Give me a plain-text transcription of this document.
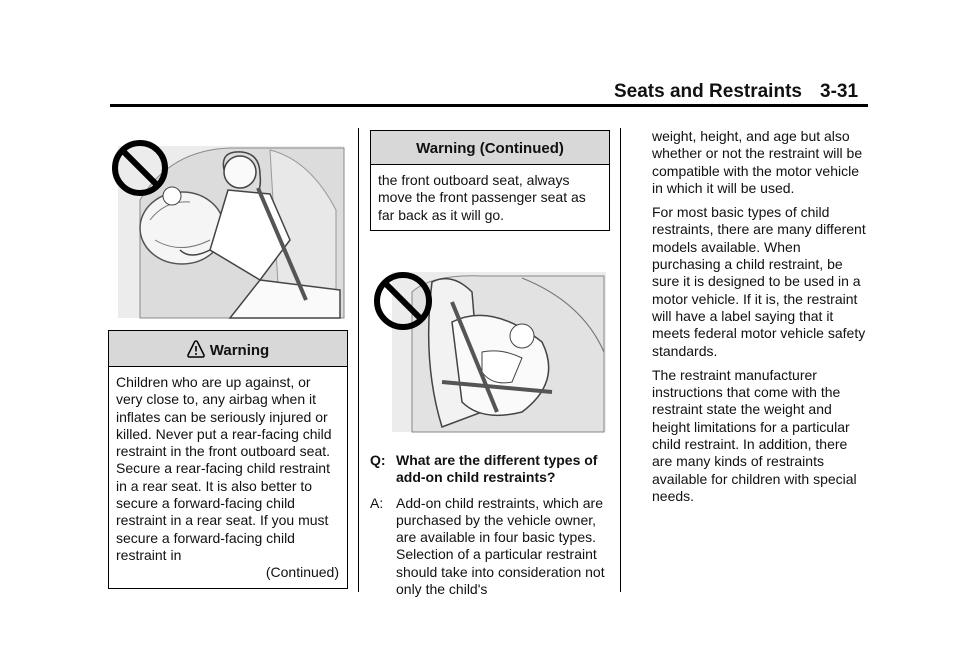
Seats and Restraints 3-31
Warning
Children who are up against, or very close to, any airbag when it inflates can be seriously injured or killed. Never put a rear-facing child restraint in the front outboard seat. Secure a rear-facing child restraint in a rear seat. It is also better to secure a forward-facing child restraint in a rear seat. If you must secure a forward-facing child restraint in
(Continued)
Warning (Continued)
the front outboard seat, always move the front passenger seat as far back as it will go.
Q: What are the different types of add-on child restraints?
A: Add-on child restraints, which are purchased by the vehicle owner, are available in four basic types. Selection of a particular restraint should take into consideration not only the child's

weight, height, and age but also whether or not the restraint will be compatible with the motor vehicle in which it will be used.

For most basic types of child restraints, there are many different models available. When purchasing a child restraint, be sure it is designed to be used in a motor vehicle. If it is, the restraint will have a label saying that it meets federal motor vehicle safety standards.

The restraint manufacturer instructions that come with the restraint state the weight and height limitations for a particular child restraint. In addition, there are many kinds of restraints available for children with special needs.
